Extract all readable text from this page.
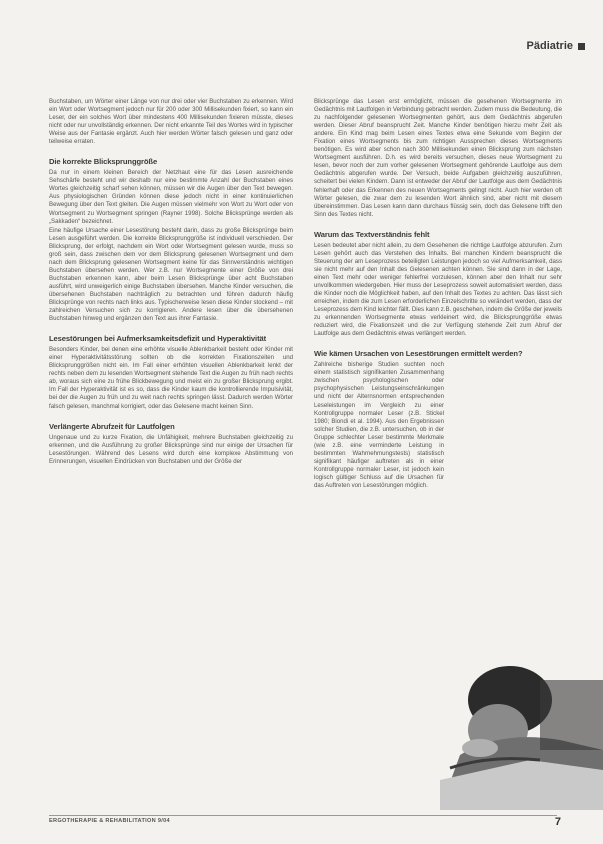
Pädiatrie

Buchstaben, um Wörter einer Länge von nur drei oder vier Buchstaben zu erkennen. Wird ein Wort oder Wortsegment jedoch nur für 200 oder 300 Millisekunden fixiert, so kann ein Leser, der ein solches Wort über mindestens 400 Millisekunden fixieren müsste, dieses nicht oder nur unvollständig erkennen. Der nicht erkannte Teil des Wortes wird in typischer Weise aus der Fantasie ergänzt. Auch hier werden Wörter falsch gelesen und ganz oder teilweise erraten.

Die korrekte Blicksprunggröße

Da nur in einem kleinen Bereich der Netzhaut eine für das Lesen ausreichende Sehschärfe besteht und wir deshalb nur eine bestimmte Anzahl der Buchstaben eines Wortes gleichzeitig scharf sehen können, müssen wir die Augen über den Text bewegen. Aus physiologischen Gründen können diese jedoch nicht in einer kontinuierlichen Bewegung über den Text gleiten. Die Augen müssen vielmehr von Wort zu Wort oder von Wortsegment zu Wortsegment springen (Rayner 1998). Solche Blicksprünge werden als „Sakkaden“ bezeichnet.

Eine häufige Ursache einer Lesestörung besteht darin, dass zu große Blicksprünge beim Lesen ausgeführt werden. Die korrekte Blicksprunggröße ist individuell verschieden. Der Blicksprung, der erfolgt, nachdem ein Wort oder Wortsegment gelesen wurde, muss so groß sein, dass zwischen dem vor dem Blicksprung gelesenen Wortsegment und dem nach dem Blicksprung gelesenen Wortsegment keine für das Sinnverständnis wichtigen Buchstaben übersehen werden. Wer z.B. nur Wortsegmente einer Größe von drei Buchstaben erkennen kann, aber beim Lesen Blicksprünge über acht Buchstaben ausführt, wird unweigerlich einige Buchstaben übersehen. Manche Kinder versuchen, die übersehenen Buchstaben nachträglich zu betrachten und führen dadurch häufig Blicksprünge von rechts nach links aus. Typischerweise lesen diese Kinder stockend – mit zahlreichen Versuchen sich zu korrigieren. Andere lesen über die übersehenen Buchstaben hinweg und ergänzen den Text aus ihrer Fantasie.

Lesestörungen bei Aufmerksamkeitsdefizit und Hyperaktivität

Besonders Kinder, bei denen eine erhöhte visuelle Ablenkbarkeit besteht oder Kinder mit einer Hyperaktivitätsstörung sollten ob die korrekten Fixationszeiten und Blicksprunggrößen nicht ein. Im Fall einer erhöhten visuellen Ablenkbarkeit lenkt der rechts neben dem zu lesenden Wortsegment stehende Text die Augen zu früh nach rechts ab, woraus sich eine zu frühe Blickbewegung und meist ein zu großer Blicksprung ergibt. Im Fall der Hyperaktivität ist es so, dass die Kinder kaum die kontrollierende Impulsivität, bei der die Augen zu früh und zu weit nach rechts springen lässt. Dadurch werden Wörter falsch gelesen, manchmal korrigiert, oder das Gelesene macht keinen Sinn.

Verlängerte Abrufzeit für Lautfolgen

Ungenaue und zu kurze Fixation, die Unfähigkeit, mehrere Buchstaben gleichzeitig zu erkennen, und die Ausführung zu großer Blicksprünge sind nur einige der Ursachen für Lesestörungen. Während des Lesens wird durch eine komplexe Abstimmung von Erinnerungen, visuellen Eindrücken von Buchstaben und der Größe der

Blicksprünge das Lesen erst ermöglicht, müssen die gesehenen Wortsegmente im Gedächtnis mit Lautfolgen in Verbindung gebracht werden. Zudem muss die Bedeutung, die zu nachfolgender gelesenen Wortsegmenten gehört, aus dem Gedächtnis abgerufen werden. Dieser Abruf beansprucht Zeit. Manche Kinder benötigen hierzu mehr Zeit als andere. Ein Kind mag beim Lesen eines Textes etwa eine Sekunde vom Beginn der Fixation eines Wortsegments bis zum richtigen Aussprechen dieses Wortsegments benötigen. Es wird aber schon nach 300 Millisekunden einen Blicksprung zum nächsten Wortsegment ausführen. D.h. es wird bereits versuchen, dieses neue Wortsegment zu lesen, bevor noch der zum vorher gelesenen Wortsegment gehörende Lautfolge aus dem Gedächtnis abgerufen wurde. Der Versuch, beide Aufgaben gleichzeitig auszuführen, scheitert bei vielen Kindern. Dann ist entweder der Abruf der Lautfolge aus dem Gedächtnis fehlerhaft oder das Erkennen des neuen Wortsegments gelingt nicht. Auch hier werden oft Wörter gelesen, die zwar dem zu lesenden Wort ähnlich sind, aber nicht mit diesem übereinstimmen. Das Lesen kann dann durchaus flüssig sein, doch das Gelesene trifft den Sinn des Textes nicht.

Warum das Textverständnis fehlt

Lesen bedeutet aber nicht allein, zu dem Gesehenen die richtige Lautfolge abzurufen. Zum Lesen gehört auch das Verstehen des Inhalts. Bei manchen Kindern beansprucht die Steuerung der am Leseprozess beteiligten Leistungen jedoch so viel Aufmerksamkeit, dass sie nicht mehr auf den Inhalt des Gelesenen achten können. Sie sind dann in der Lage, einen Text mehr oder weniger fehlerfrei vorzulesen, können aber den Inhalt nur sehr unvollkommen wiedergeben. Hier muss der Leseprozess soweit automatisiert werden, dass die Kinder noch die Möglichkeit haben, auf den Inhalt des Textes zu achten. Das lässt sich erreichen, indem die zum Lesen erforderlichen Einzelschritte so verändert werden, dass der Leseprozess dem Kind leichter fällt. Dies kann z.B. geschehen, indem die Größe der jeweils zu erkennenden Wortsegmente etwas verkleinert wird, die Blicksprunggröße etwas reduziert wird, die Fixationszeit und die zur Verfügung stehende Zeit zum Abruf der Lautfolge aus dem Gedächtnis etwas verlängert werden.

Wie kämen Ursachen von Lesestörungen ermittelt werden?

Zahlreiche bisherige Studien suchten noch einem statistisch signifikanten Zusammenhang zwischen psychologischen oder psychophysischen Leistungseinschränkungen und nicht der Alternsnormen entsprechenden Leseleistungen im Vergleich zu einer Kontrollgruppe normaler Leser (z.B. Stickel 1980; Biondi et al. 1994). Aus den Ergebnissen solcher Studien, die z.B. untersuchen, ob in der Gruppe schlechter Leser bestimmte Merkmale (wie z.B. eine verminderte Leistung in bestimmten Wahrnehmungstests) statistisch signifikant häufiger auftreten als in einer Kontrollgruppe normaler Leser, ist jedoch kein logisch gültiger Schluss auf die Ursachen für das Auftreten von Lesestörungen möglich.

ERGOTHERAPIE & REHABILITATION 9/04	7
